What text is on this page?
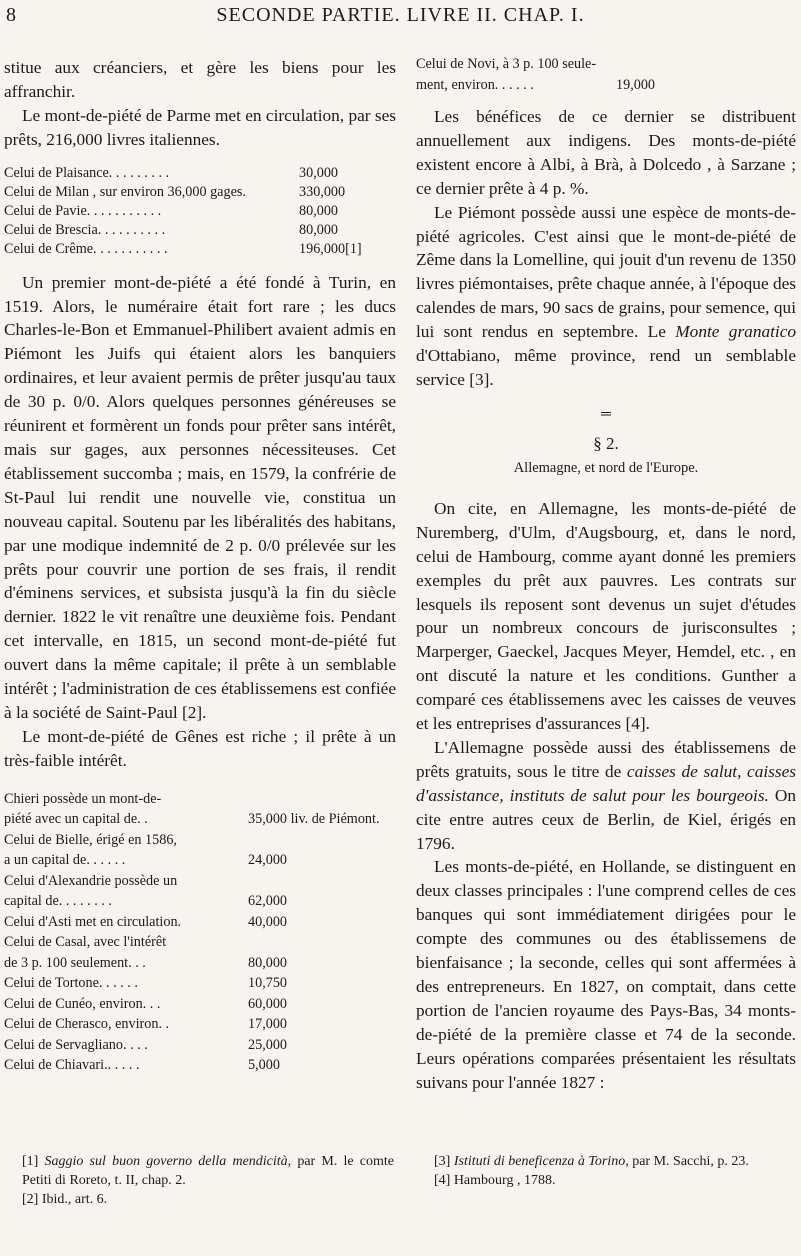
8	SECONDE PARTIE. LIVRE II. CHAP. I.

stitue aux créanciers, et gère les biens pour les affranchir.

Le mont-de-piété de Parme met en circulation, par ses prêts, 216,000 livres italiennes.

Celui de Plaisance. . . . . . . . .	30,000
Celui de Milan , sur environ 36,000 gages.	330,000
Celui de Pavie. . . . . . . . . . .	80,000
Celui de Brescia. . . . . . . . . .	80,000
Celui de Crême. . . . . . . . . . .	196,000[1]

Un premier mont-de-piété a été fondé à Turin, en 1519. Alors, le numéraire était fort rare ; les ducs Charles-le-Bon et Emmanuel-Philibert avaient admis en Piémont les Juifs qui étaient alors les banquiers ordinaires, et leur avaient permis de prêter jusqu'au taux de 30 p. 0/0. Alors quelques personnes généreuses se réunirent et formèrent un fonds pour prêter sans intérêt, mais sur gages, aux personnes nécessiteuses. Cet établissement succomba ; mais, en 1579, la confrérie de St-Paul lui rendit une nouvelle vie, constitua un nouveau capital. Soutenu par les libéralités des habitans, par une modique indemnité de 2 p. 0/0 prélevée sur les prêts pour couvrir une portion de ses frais, il rendit d'éminens services, et subsista jusqu'à la fin du siècle dernier. 1822 le vit renaître une deuxième fois. Pendant cet intervalle, en 1815, un second mont-de-piété fut ouvert dans la même capitale; il prête à un semblable intérêt ; l'administration de ces établissemens est confiée à la société de Saint-Paul [2].

Le mont-de-piété de Gênes est riche ; il prête à un très-faible intérêt.

Chieri possède un mont-de-
piété avec un capital de. .	35,000 liv. de Piémont.
Celui de Bielle, érigé en 1586,
a un capital de. . . . . .	24,000
Celui d'Alexandrie possède un
capital de. . . . . . . .	62,000
Celui d'Asti met en circulation.	40,000
Celui de Casal, avec l'intérêt
de 3 p. 100 seulement. . .	80,000
Celui de Tortone. . . . . .	10,750
Celui de Cunéo, environ. . .	60,000
Celui de Cherasco, environ. .	17,000
Celui de Servagliano. . . .	25,000
Celui de Chiavari.. . . . .	5,000
Celui de Novi, à 3 p. 100 seule-
ment, environ. . . . . .	19,000

Les bénéfices de ce dernier se distribuent annuellement aux indigens. Des monts-de-piété existent encore à Albi, à Brà, à Dolcedo , à Sarzane ; ce dernier prête à 4 p. %.

Le Piémont possède aussi une espèce de monts-de-piété agricoles. C'est ainsi que le mont-de-piété de Zême dans la Lomelline, qui jouit d'un revenu de 1350 livres piémontaises, prête chaque année, à l'époque des calendes de mars, 90 sacs de grains, pour semence, qui lui sont rendus en septembre. Le Monte granatico d'Ottabiano, même province, rend un semblable service [3].

═
§ 2.
Allemagne, et nord de l'Europe.

On cite, en Allemagne, les monts-de-piété de Nuremberg, d'Ulm, d'Augsbourg, et, dans le nord, celui de Hambourg, comme ayant donné les premiers exemples du prêt aux pauvres. Les contrats sur lesquels ils reposent sont devenus un sujet d'études pour un nombreux concours de jurisconsultes ; Marperger, Gaeckel, Jacques Meyer, Hemdel, etc. , en ont discuté la nature et les conditions. Gunther a comparé ces établissemens avec les caisses de veuves et les entreprises d'assurances [4].

L'Allemagne possède aussi des établissemens de prêts gratuits, sous le titre de caisses de salut, caisses d'assistance, instituts de salut pour les bourgeois. On cite entre autres ceux de Berlin, de Kiel, érigés en 1796.

Les monts-de-piété, en Hollande, se distinguent en deux classes principales : l'une comprend celles de ces banques qui sont immédiatement dirigées pour le compte des communes ou des établissemens de bienfaisance ; la seconde, celles qui sont affermées à des entrepreneurs. En 1827, on comptait, dans cette portion de l'ancien royaume des Pays-Bas, 34 monts-de-piété de la première classe et 74 de la seconde. Leurs opérations comparées présentaient les résultats suivans pour l'année 1827 :

[1] Saggio sul buon governo della mendicità, par M. le comte Petiti di Roreto, t. II, chap. 2.

[2] Ibid., art. 6.

[3] Istituti di beneficenza à Torino, par M. Sacchi, p. 23.

[4] Hambourg , 1788.
